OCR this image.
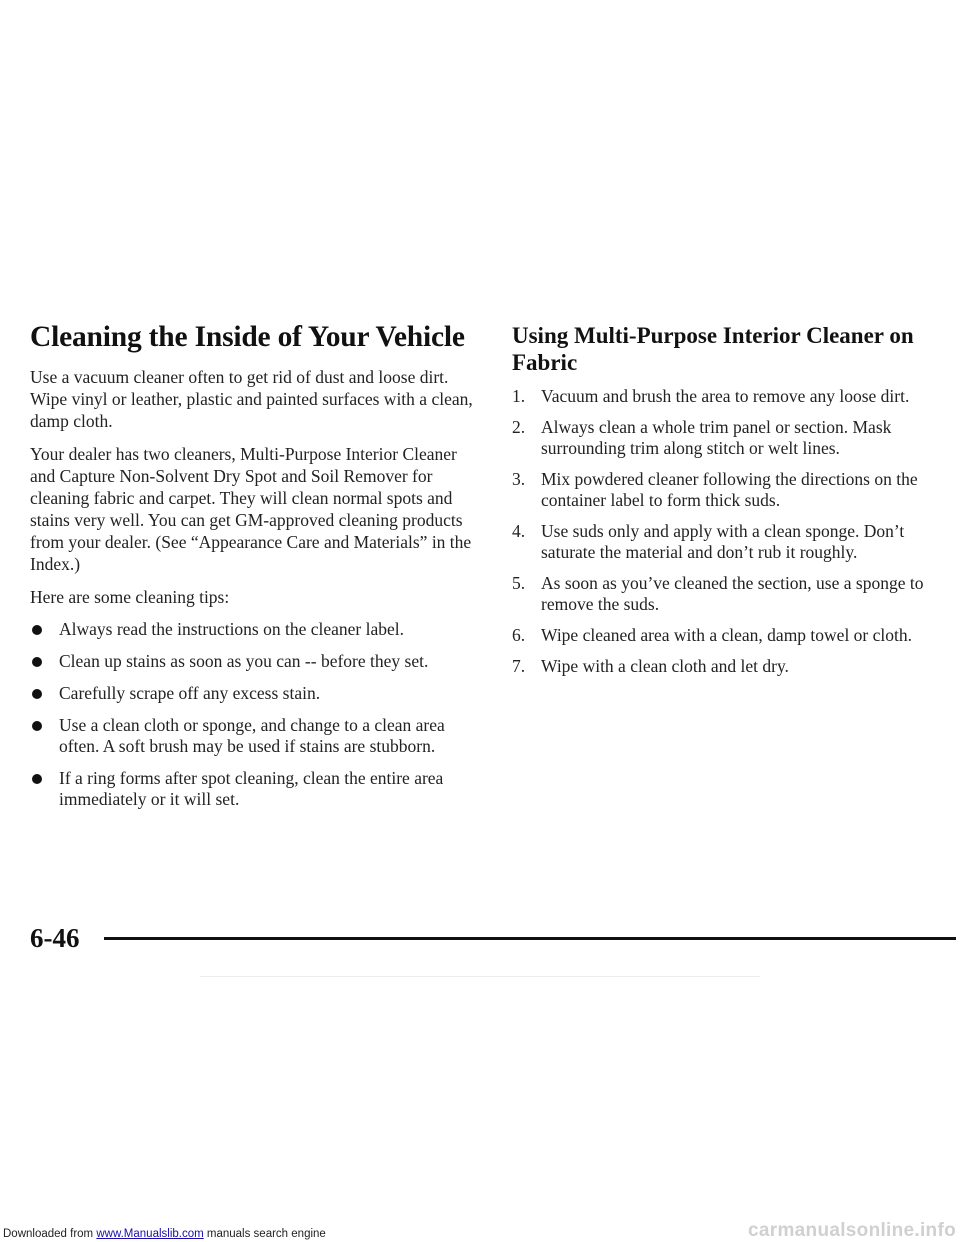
Cleaning the Inside of Your Vehicle

Use a vacuum cleaner often to get rid of dust and loose dirt. Wipe vinyl or leather, plastic and painted surfaces with a clean, damp cloth.

Your dealer has two cleaners, Multi-Purpose Interior Cleaner and Capture Non-Solvent Dry Spot and Soil Remover for cleaning fabric and carpet. They will clean normal spots and stains very well. You can get GM-approved cleaning products from your dealer. (See “Appearance Care and Materials” in the Index.)

Here are some cleaning tips:

Always read the instructions on the cleaner label.
Clean up stains as soon as you can -- before they set.
Carefully scrape off any excess stain.
Use a clean cloth or sponge, and change to a clean area often. A soft brush may be used if stains are stubborn.
If a ring forms after spot cleaning, clean the entire area immediately or it will set.
Using Multi-Purpose Interior Cleaner on Fabric
1. Vacuum and brush the area to remove any loose dirt.
2. Always clean a whole trim panel or section. Mask surrounding trim along stitch or welt lines.
3. Mix powdered cleaner following the directions on the container label to form thick suds.
4. Use suds only and apply with a clean sponge. Don’t saturate the material and don’t rub it roughly.
5. As soon as you’ve cleaned the section, use a sponge to remove the suds.
6. Wipe cleaned area with a clean, damp towel or cloth.
7. Wipe with a clean cloth and let dry.
6-46
Downloaded from www.Manualslib.com manuals search engine	carmanualsonline.info
